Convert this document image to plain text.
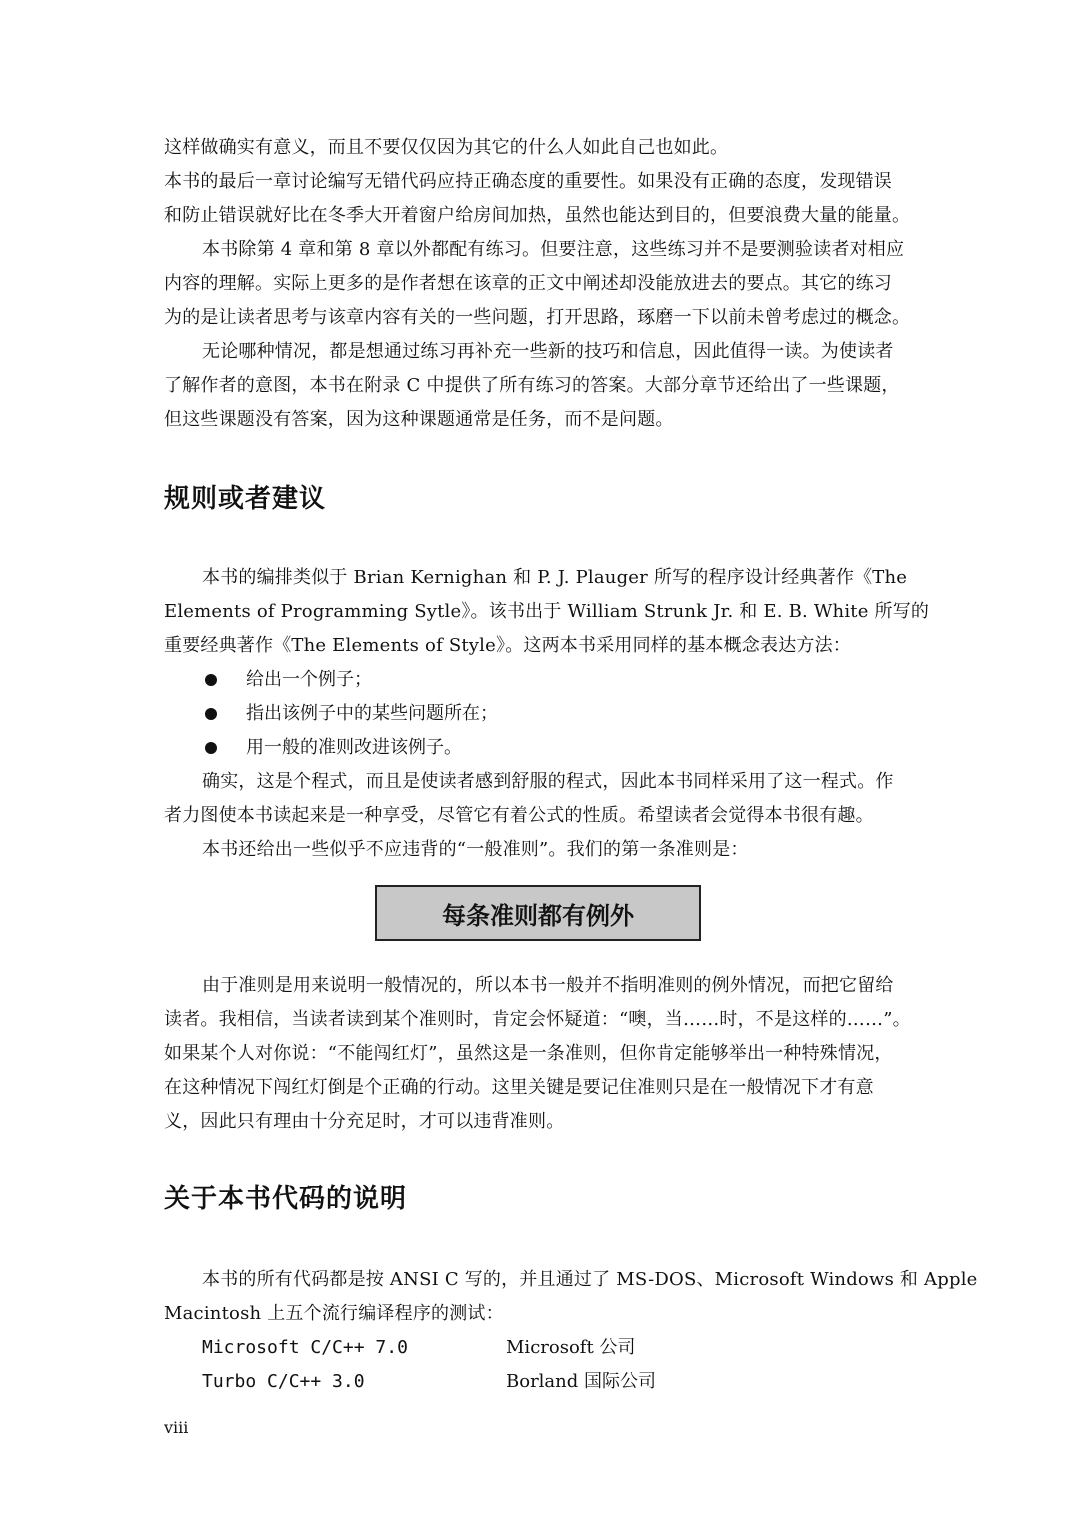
这样做确实有意义，而且不要仅仅因为其它的什么人如此自己也如此。
本书的最后一章讨论编写无错代码应持正确态度的重要性。如果没有正确的态度，发现错误
和防止错误就好比在冬季大开着窗户给房间加热，虽然也能达到目的，但要浪费大量的能量。
本书除第 4 章和第 8 章以外都配有练习。但要注意，这些练习并不是要测验读者对相应
内容的理解。实际上更多的是作者想在该章的正文中阐述却没能放进去的要点。其它的练习
为的是让读者思考与该章内容有关的一些问题，打开思路，琢磨一下以前未曾考虑过的概念。
无论哪种情况，都是想通过练习再补充一些新的技巧和信息，因此值得一读。为使读者
了解作者的意图，本书在附录 C 中提供了所有练习的答案。大部分章节还给出了一些课题，
但这些课题没有答案，因为这种课题通常是任务，而不是问题。
规则或者建议
本书的编排类似于 Brian Kernighan 和 P. J. Plauger 所写的程序设计经典著作《The
Elements of Programming Sytle》。该书出于 William Strunk Jr. 和 E. B. White 所写的
重要经典著作《The Elements of Style》。这两本书采用同样的基本概念表达方法：
给出一个例子；
指出该例子中的某些问题所在；
用一般的准则改进该例子。
确实，这是个程式，而且是使读者感到舒服的程式，因此本书同样采用了这一程式。作
者力图使本书读起来是一种享受，尽管它有着公式的性质。希望读者会觉得本书很有趣。
本书还给出一些似乎不应违背的“一般准则”。我们的第一条准则是：
每条准则都有例外
由于准则是用来说明一般情况的，所以本书一般并不指明准则的例外情况，而把它留给
读者。我相信，当读者读到某个准则时，肯定会怀疑道：“噢，当……时，不是这样的……”。
如果某个人对你说：“不能闯红灯”，虽然这是一条准则，但你肯定能够举出一种特殊情况，
在这种情况下闯红灯倒是个正确的行动。这里关键是要记住准则只是在一般情况下才有意
义，因此只有理由十分充足时，才可以违背准则。
关于本书代码的说明
本书的所有代码都是按 ANSI C 写的，并且通过了 MS-DOS、Microsoft Windows 和 Apple
Macintosh 上五个流行编译程序的测试：
Microsoft C/C++ 7.0	Microsoft 公司
Turbo C/C++ 3.0	Borland 国际公司
viii
